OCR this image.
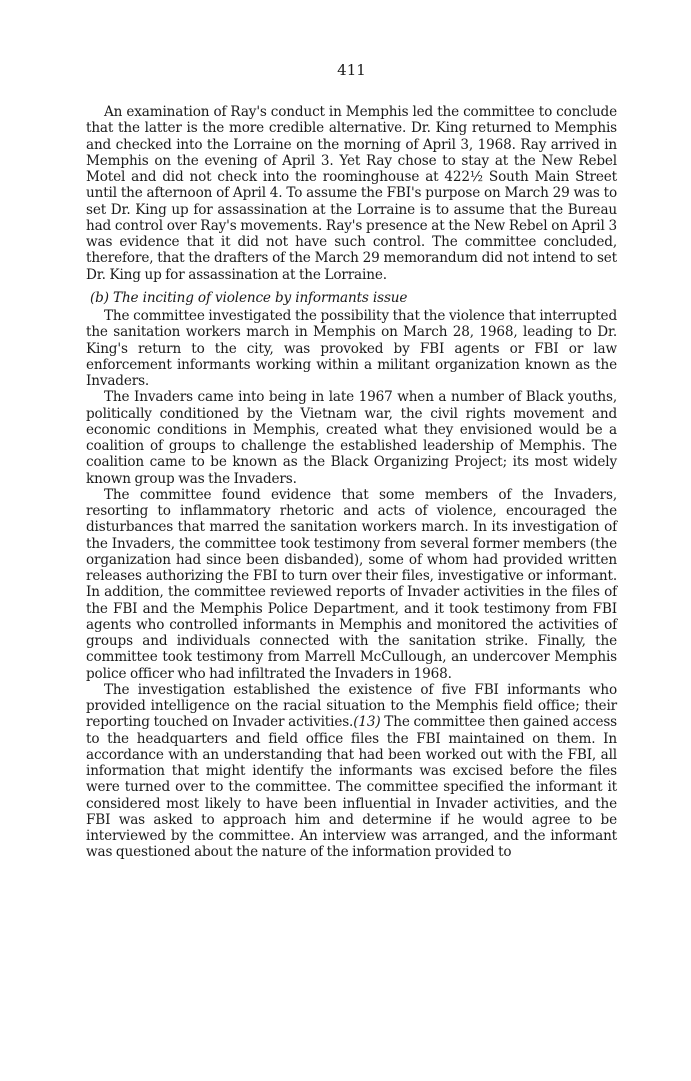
411

An examination of Ray's conduct in Memphis led the committee to conclude that the latter is the more credible alternative. Dr. King returned to Memphis and checked into the Lorraine on the morning of April 3, 1968. Ray arrived in Memphis on the evening of April 3. Yet Ray chose to stay at the New Rebel Motel and did not check into the roominghouse at 422½ South Main Street until the afternoon of April 4. To assume the FBI's purpose on March 29 was to set Dr. King up for assassination at the Lorraine is to assume that the Bureau had control over Ray's movements. Ray's presence at the New Rebel on April 3 was evidence that it did not have such control. The committee concluded, therefore, that the drafters of the March 29 memorandum did not intend to set Dr. King up for assassination at the Lorraine.

(b) The inciting of violence by informants issue

The committee investigated the possibility that the violence that interrupted the sanitation workers march in Memphis on March 28, 1968, leading to Dr. King's return to the city, was provoked by FBI agents or FBI or law enforcement informants working within a militant organization known as the Invaders.

The Invaders came into being in late 1967 when a number of Black youths, politically conditioned by the Vietnam war, the civil rights movement and economic conditions in Memphis, created what they envisioned would be a coalition of groups to challenge the established leadership of Memphis. The coalition came to be known as the Black Organizing Project; its most widely known group was the Invaders.

The committee found evidence that some members of the Invaders, resorting to inflammatory rhetoric and acts of violence, encouraged the disturbances that marred the sanitation workers march. In its investigation of the Invaders, the committee took testimony from several former members (the organization had since been disbanded), some of whom had provided written releases authorizing the FBI to turn over their files, investigative or informant. In addition, the committee reviewed reports of Invader activities in the files of the FBI and the Memphis Police Department, and it took testimony from FBI agents who controlled informants in Memphis and monitored the activities of groups and individuals connected with the sanitation strike. Finally, the committee took testimony from Marrell McCullough, an undercover Memphis police officer who had infiltrated the Invaders in 1968.

The investigation established the existence of five FBI informants who provided intelligence on the racial situation to the Memphis field office; their reporting touched on Invader activities.(13) The committee then gained access to the headquarters and field office files the FBI maintained on them. In accordance with an understanding that had been worked out with the FBI, all information that might identify the informants was excised before the files were turned over to the committee. The committee specified the informant it considered most likely to have been influential in Invader activities, and the FBI was asked to approach him and determine if he would agree to be interviewed by the committee. An interview was arranged, and the informant was questioned about the nature of the information provided to
